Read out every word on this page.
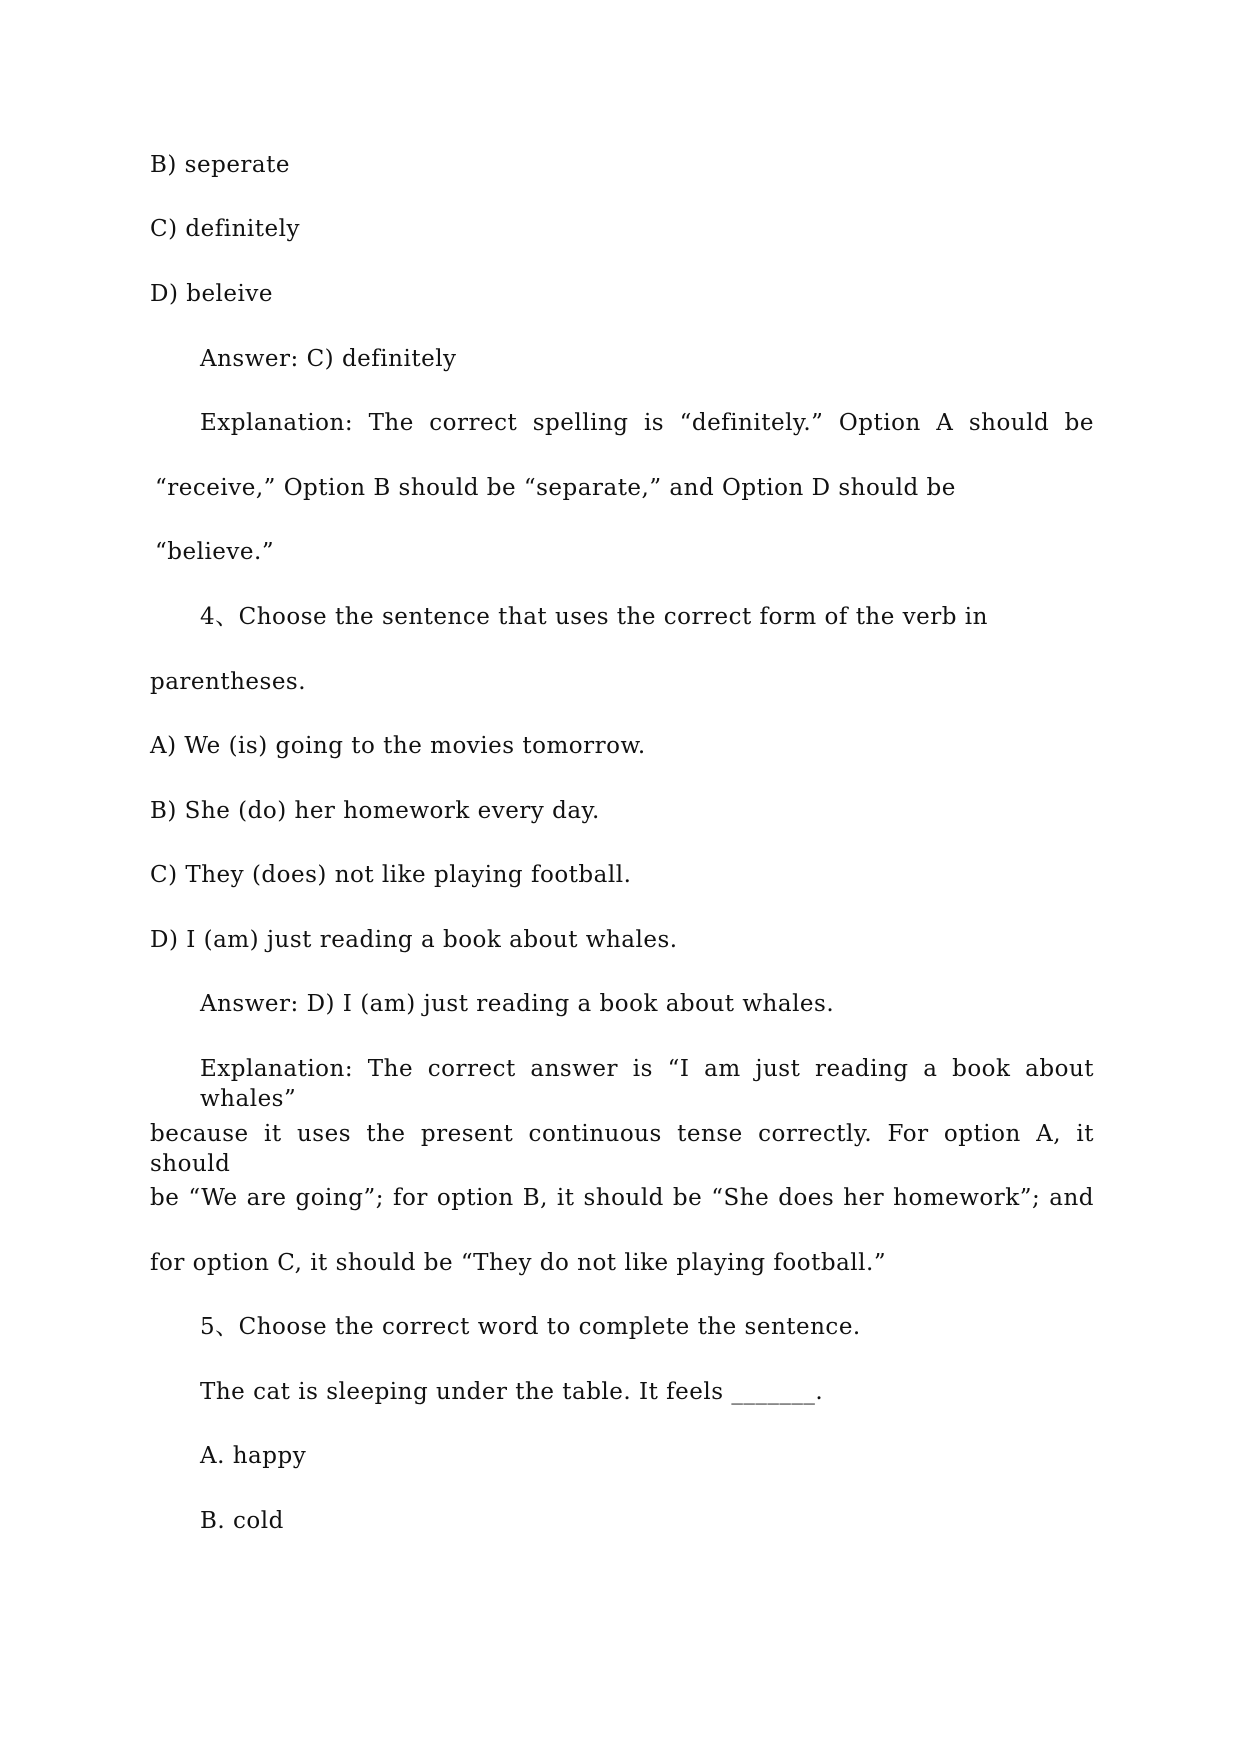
B) seperate

C) definitely

D) beleive

Answer: C) definitely

Explanation: The correct spelling is “definitely.” Option A should be

“receive,” Option B should be “separate,” and Option D should be

“believe.”

4、Choose the sentence that uses the correct form of the verb in

parentheses.

A) We (is) going to the movies tomorrow.

B) She (do) her homework every day.

C) They (does) not like playing football.

D) I (am) just reading a book about whales.

Answer: D) I (am) just reading a book about whales.

Explanation: The correct answer is “I am just reading a book about whales”

because it uses the present continuous tense correctly. For option A, it should

be “We are going”; for option B, it should be “She does her homework”; and

for option C, it should be “They do not like playing football.”

5、Choose the correct word to complete the sentence.

The cat is sleeping under the table. It feels _______.

A. happy

B. cold
